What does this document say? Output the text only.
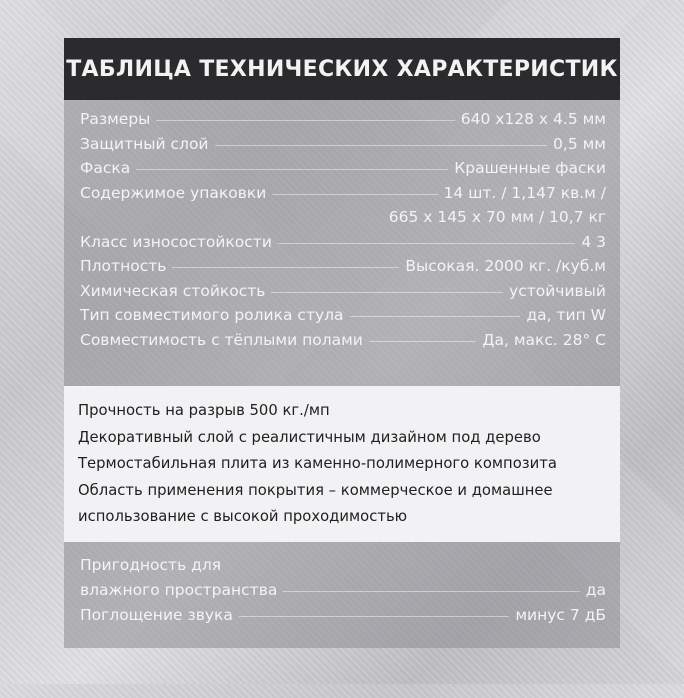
ТАБЛИЦА ТЕХНИЧЕСКИХ ХАРАКТЕРИСТИК
Размеры	640 х128 х 4.5 мм
Защитный слой	0,5 мм
Фаска	Крашенные фаски
Содержимое упаковки	14 шт. / 1,147 кв.м /
665 х 145 х 70 мм / 10,7 кг
Класс износостойкости	4 3
Плотность	Высокая. 2000 кг. /куб.м
Химическая стойкость	устойчивый
Тип совместимого ролика стула	да, тип W
Совместимость с тёплыми полами	Да, макс. 28° С
Прочность на разрыв 500 кг./мп
Декоративный слой с реалистичным дизайном под дерево
Термостабильная плита из каменно-полимерного композита
Область применения покрытия – коммерческое и домашнее
использование с высокой проходимостью
Пригодность для
влажного пространства	да
Поглощение звука	минус 7 дБ
